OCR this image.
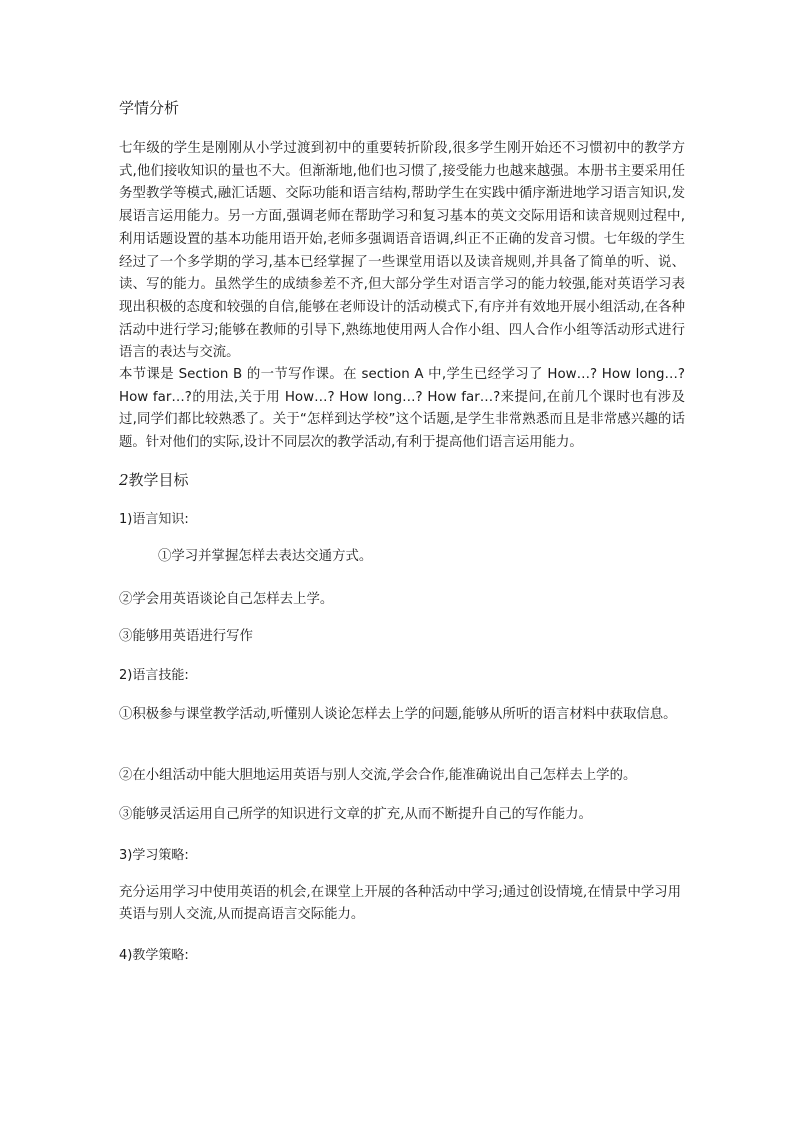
学情分析

七年级的学生是刚刚从小学过渡到初中的重要转折阶段,很多学生刚开始还不习惯初中的教学方式,他们接收知识的量也不大。但渐渐地,他们也习惯了,接受能力也越来越强。本册书主要采用任务型教学等模式,融汇话题、交际功能和语言结构,帮助学生在实践中循序渐进地学习语言知识,发展语言运用能力。另一方面,强调老师在帮助学习和复习基本的英文交际用语和读音规则过程中,利用话题设置的基本功能用语开始,老师多强调语音语调,纠正不正确的发音习惯。七年级的学生经过了一个多学期的学习,基本已经掌握了一些课堂用语以及读音规则,并具备了简单的听、说、读、写的能力。虽然学生的成绩参差不齐,但大部分学生对语言学习的能力较强,能对英语学习表现出积极的态度和较强的自信,能够在老师设计的活动模式下,有序并有效地开展小组活动,在各种活动中进行学习;能够在教师的引导下,熟练地使用两人合作小组、四人合作小组等活动形式进行语言的表达与交流。

本节课是 Section B 的一节写作课。在 section A 中,学生已经学习了 How…? How long…? How far…?的用法,关于用 How…? How long…? How far…?来提问,在前几个课时也有涉及过,同学们都比较熟悉了。关于“怎样到达学校”这个话题,是学生非常熟悉而且是非常感兴趣的话题。针对他们的实际,设计不同层次的教学活动,有利于提高他们语言运用能力。

2教学目标

1)语言知识:

①学习并掌握怎样去表达交通方式。

②学会用英语谈论自己怎样去上学。

③能够用英语进行写作

2)语言技能:

①积极参与课堂教学活动,听懂别人谈论怎样去上学的问题,能够从所听的语言材料中获取信息。

②在小组活动中能大胆地运用英语与别人交流,学会合作,能准确说出自己怎样去上学的。

③能够灵活运用自己所学的知识进行文章的扩充,从而不断提升自己的写作能力。

3)学习策略:

充分运用学习中使用英语的机会,在课堂上开展的各种活动中学习;通过创设情境,在情景中学习用英语与别人交流,从而提高语言交际能力。

4)教学策略:
